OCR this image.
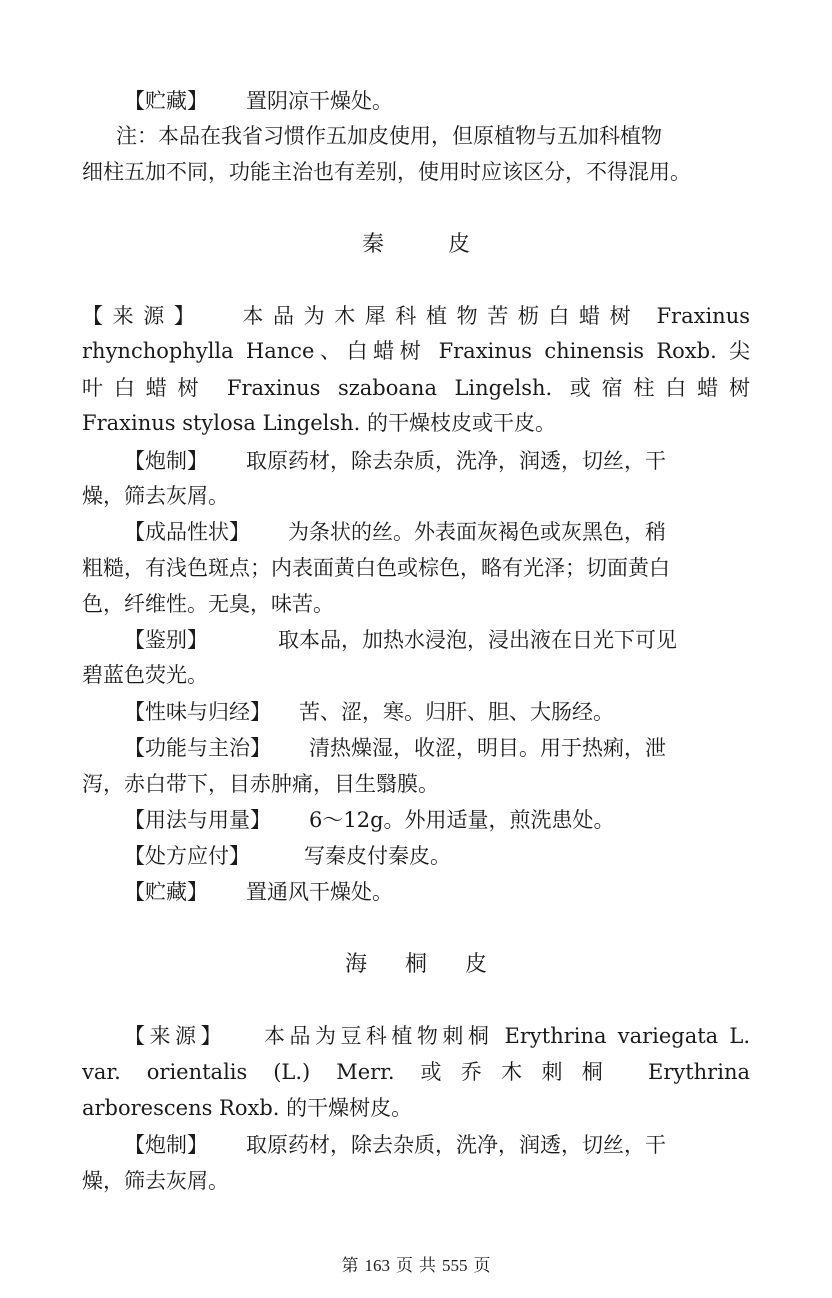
【贮藏】 置阴凉干燥处。
注：本品在我省习惯作五加皮使用，但原植物与五加科植物
细柱五加不同，功能主治也有差别，使用时应该区分，不得混用。
秦	皮
【来源】 本品为木犀科植物苦枥白蜡树 Fraxinus
rhynchophylla Hance、白蜡树 Fraxinus chinensis Roxb. 尖
叶白蜡树 Fraxinus szaboana Lingelsh. 或宿柱白蜡树
Fraxinus stylosa Lingelsh. 的干燥枝皮或干皮。
【炮制】 取原药材，除去杂质，洗净，润透，切丝，干
燥，筛去灰屑。
【成品性状】 为条状的丝。外表面灰褐色或灰黑色，稍
粗糙，有浅色斑点；内表面黄白色或棕色，略有光泽；切面黄白
色，纤维性。无臭，味苦。
【鉴别】	取本品，加热水浸泡，浸出液在日光下可见
碧蓝色荧光。
【性味与归经】 苦、涩，寒。归肝、胆、大肠经。
【功能与主治】 清热燥湿，收涩，明目。用于热痢，泄
泻，赤白带下，目赤肿痛，目生翳膜。
【用法与用量】 6～12g。外用适量，煎洗患处。
【处方应付】	写秦皮付秦皮。
【贮藏】 置通风干燥处。
海 桐 皮
【来源】 本品为豆科植物刺桐 Erythrina variegata L.
var. orientalis (L.) Merr. 或乔木刺桐 Erythrina
arborescens Roxb. 的干燥树皮。
【炮制】 取原药材，除去杂质，洗净，润透，切丝，干
燥，筛去灰屑。
第 163 页 共 555 页
